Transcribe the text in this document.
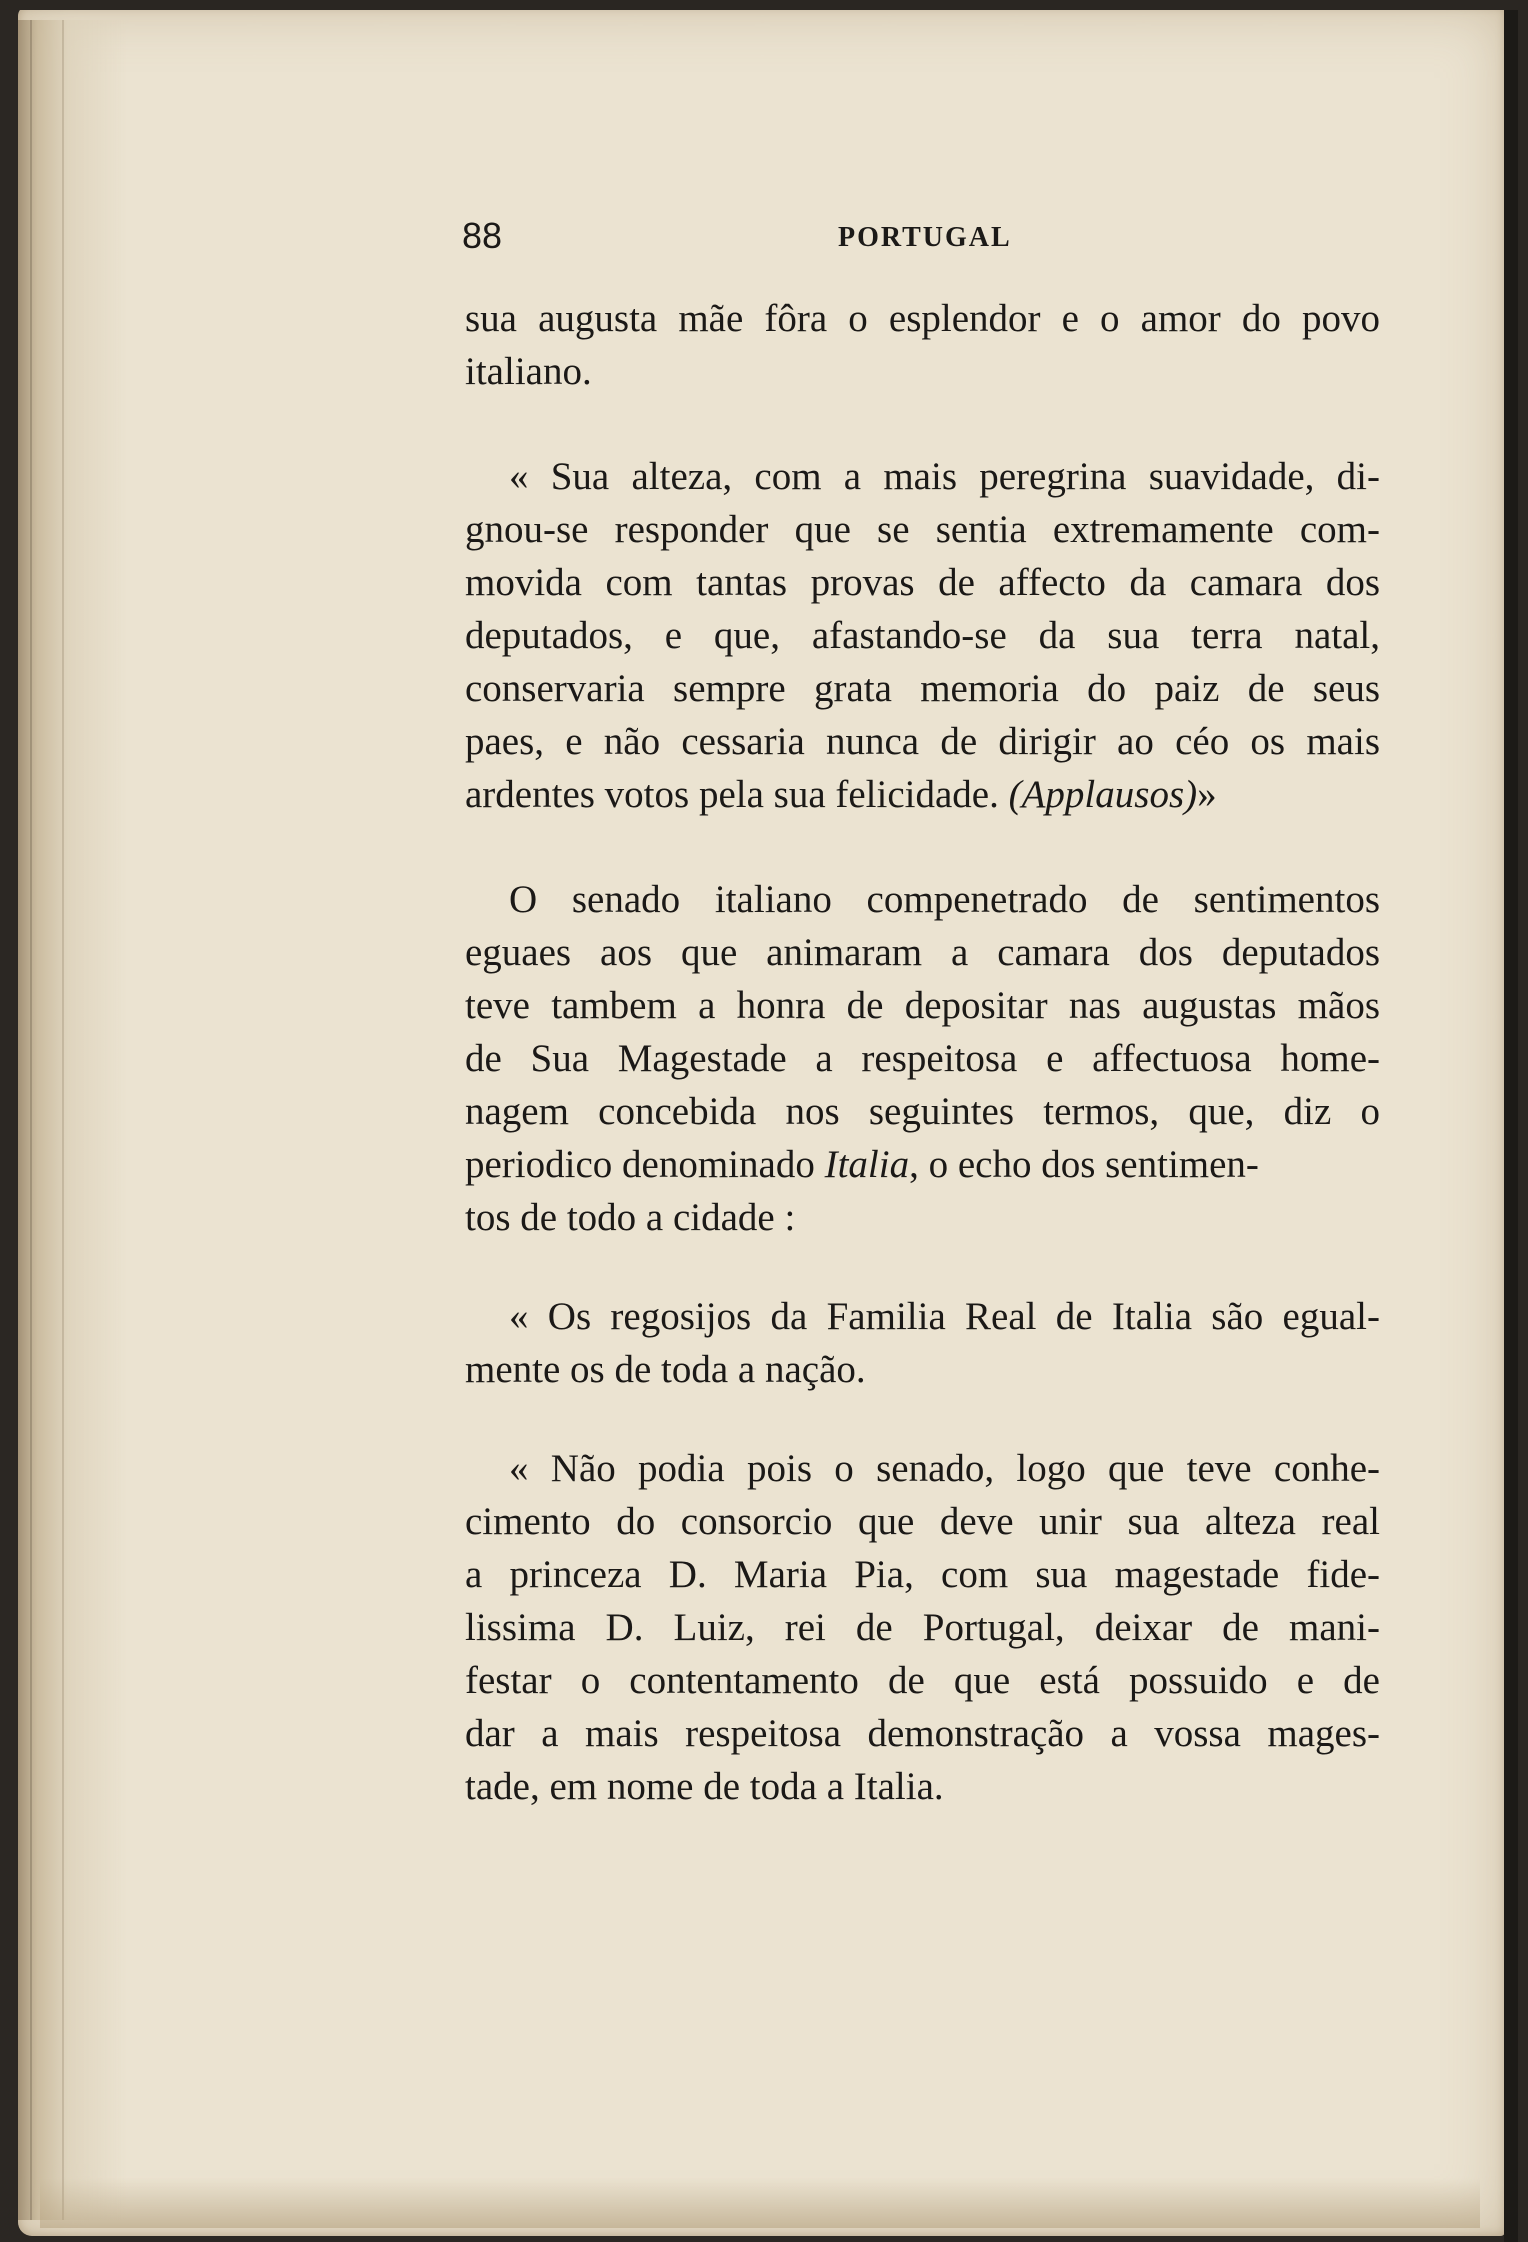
88	PORTUGAL
sua augusta mãe fôra o esplendor e o amor do povo
italiano.
« Sua alteza, com a mais peregrina suavidade, di-
gnou-se responder que se sentia extremamente com-
movida com tantas provas de affecto da camara dos
deputados, e que, afastando-se da sua terra natal,
conservaria sempre grata memoria do paiz de seus
paes, e não cessaria nunca de dirigir ao céo os mais
ardentes votos pela sua felicidade. (Applausos)»
O senado italiano compenetrado de sentimentos
eguaes aos que animaram a camara dos deputados
teve tambem a honra de depositar nas augustas mãos
de Sua Magestade a respeitosa e affectuosa home-
nagem concebida nos seguintes termos, que, diz o
periodico denominado Italia, o echo dos sentimen-
tos de todo a cidade :
« Os regosijos da Familia Real de Italia são egual-
mente os de toda a nação.
« Não podia pois o senado, logo que teve conhe-
cimento do consorcio que deve unir sua alteza real
a princeza D. Maria Pia, com sua magestade fide-
lissima D. Luiz, rei de Portugal, deixar de mani-
festar o contentamento de que está possuido e de
dar a mais respeitosa demonstração a vossa mages-
tade, em nome de toda a Italia.
